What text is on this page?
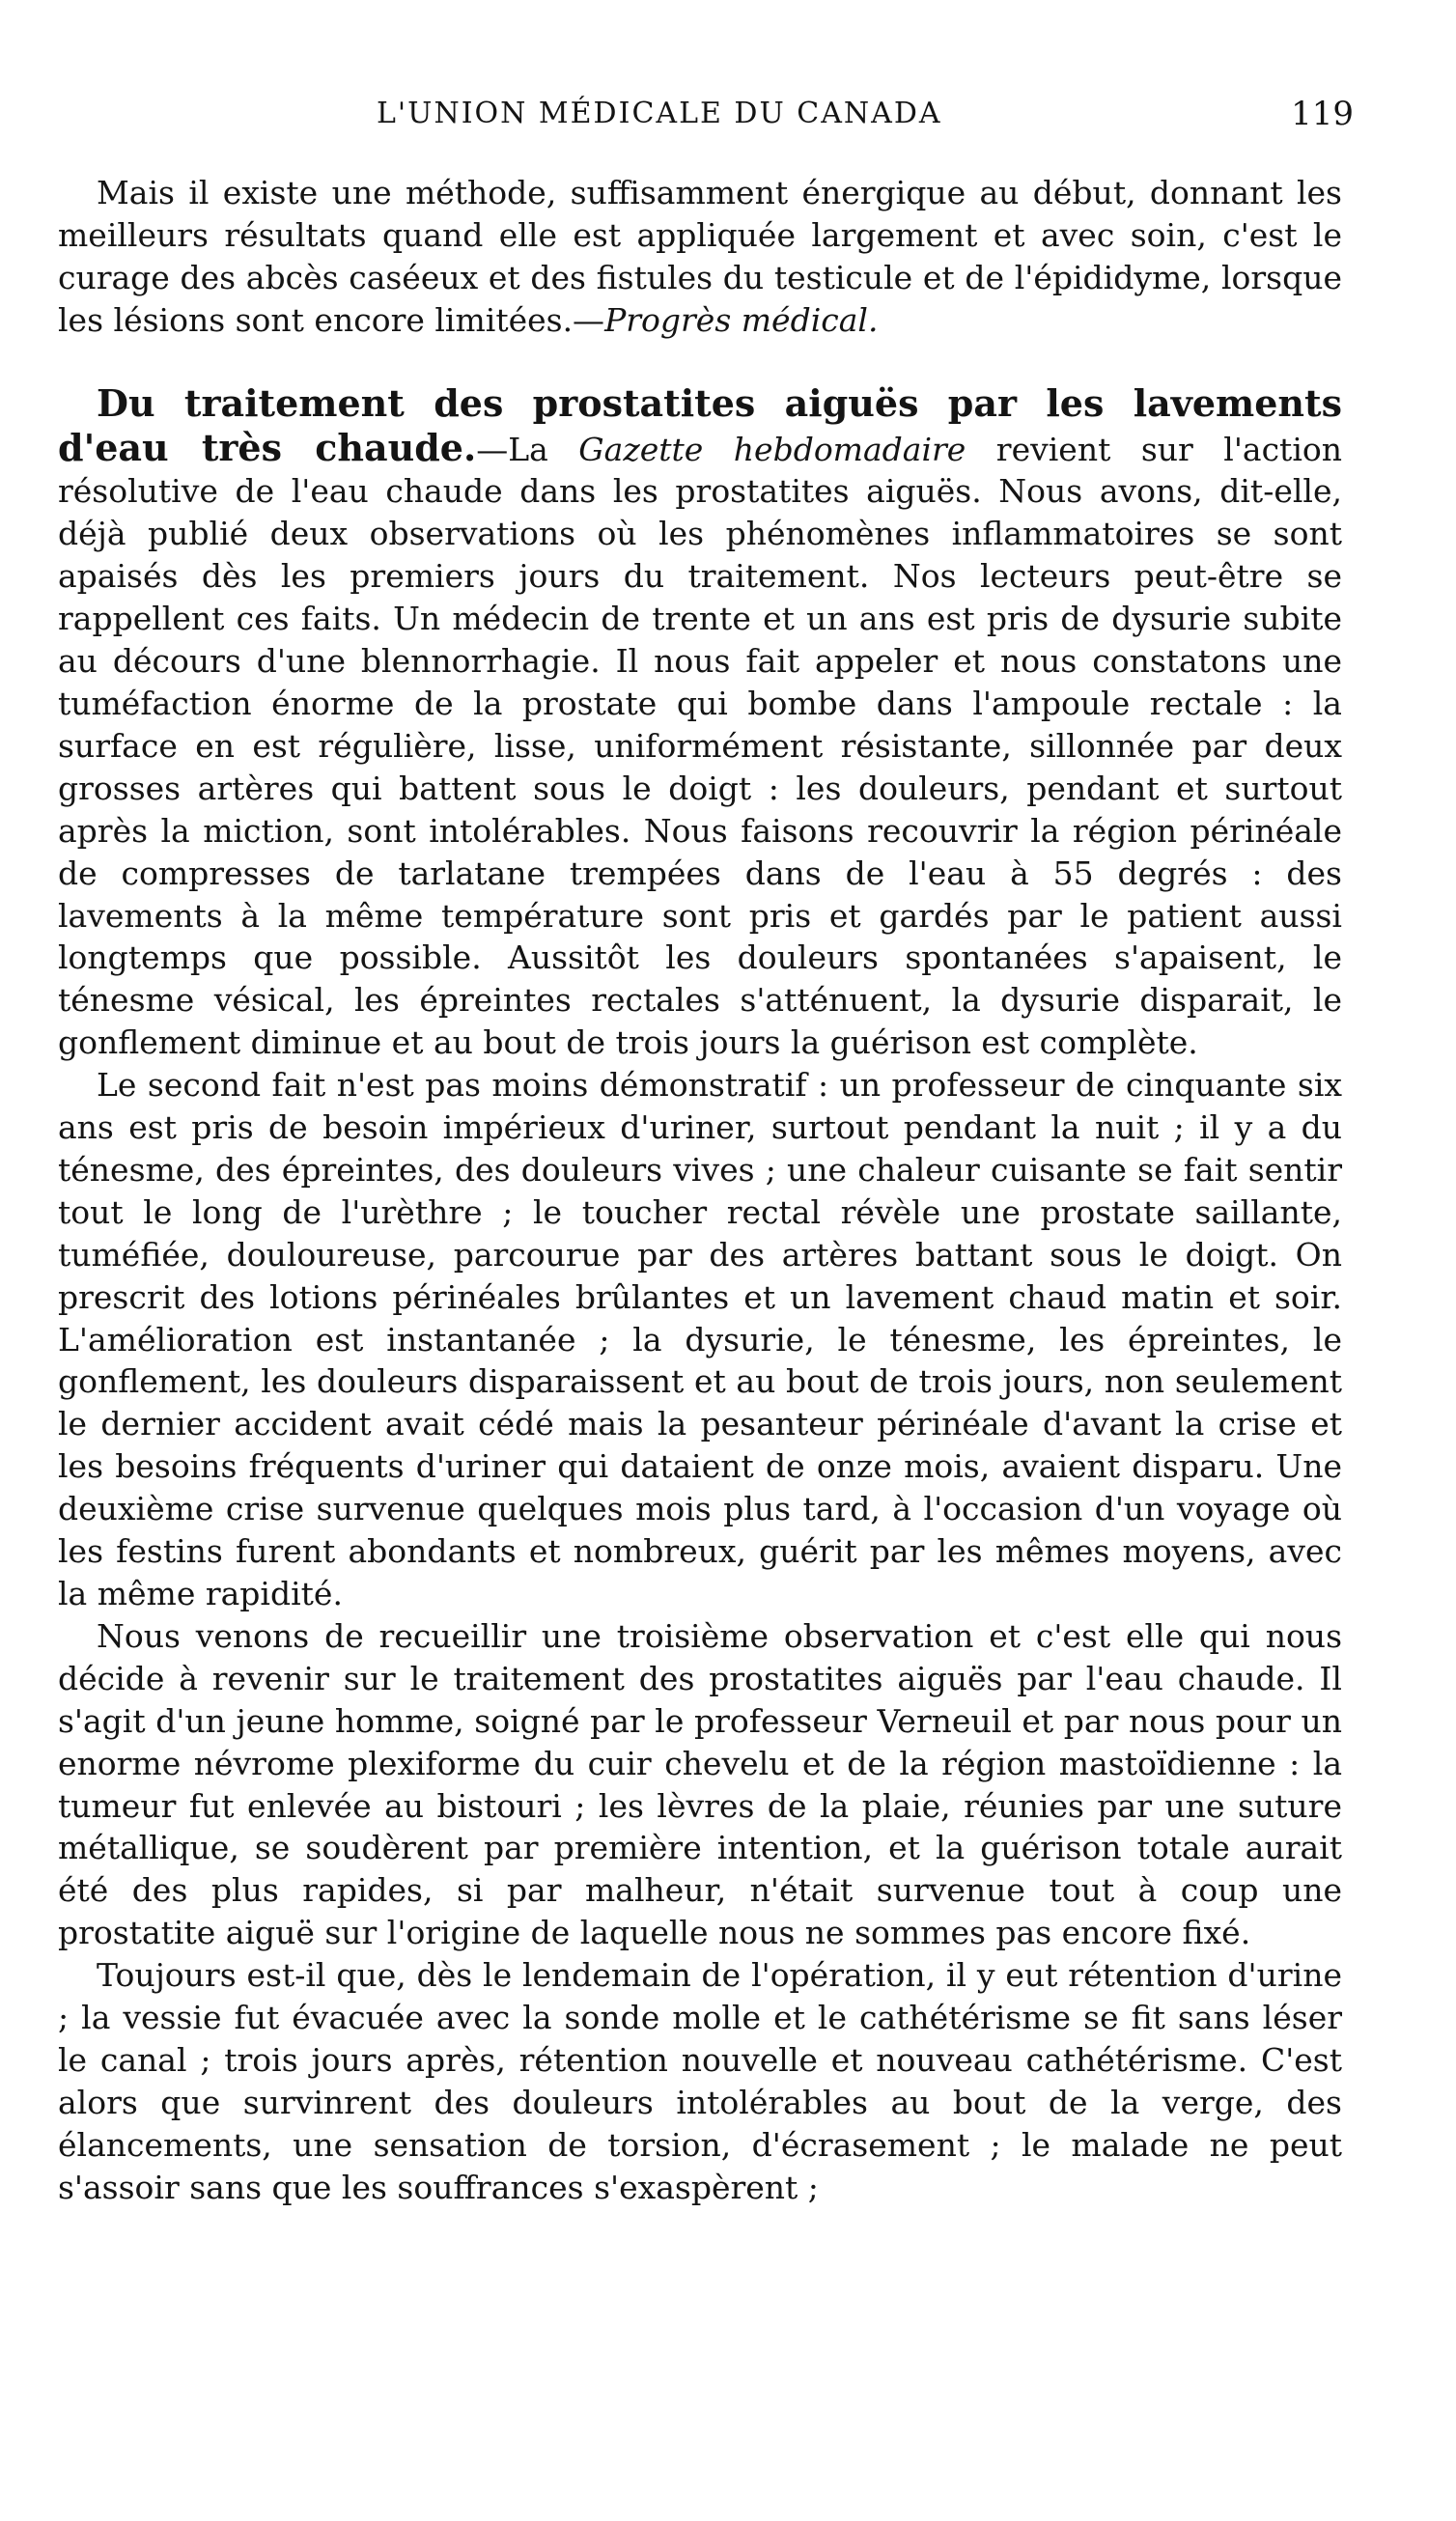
L'UNION MÉDICALE DU CANADA	119

Mais il existe une méthode, suffisamment énergique au début, donnant les meilleurs résultats quand elle est appliquée largement et avec soin, c'est le curage des abcès caséeux et des fistules du testicule et de l'épididyme, lorsque les lésions sont encore limitées.—Progrès médical.

Du traitement des prostatites aiguës par les lavements d'eau très chaude.—La Gazette hebdomadaire revient sur l'action résolutive de l'eau chaude dans les prostatites aiguës. Nous avons, dit-elle, déjà publié deux observations où les phénomènes inflammatoires se sont apaisés dès les premiers jours du traitement. Nos lecteurs peut-être se rappellent ces faits. Un médecin de trente et un ans est pris de dysurie subite au décours d'une blennorrhagie. Il nous fait appeler et nous constatons une tuméfaction énorme de la prostate qui bombe dans l'ampoule rectale : la surface en est régulière, lisse, uniformément résistante, sillonnée par deux grosses artères qui battent sous le doigt : les douleurs, pendant et surtout après la miction, sont intolérables. Nous faisons recouvrir la région périnéale de compresses de tarlatane trempées dans de l'eau à 55 degrés : des lavements à la même température sont pris et gardés par le patient aussi longtemps que possible. Aussitôt les douleurs spontanées s'apaisent, le ténesme vésical, les épreintes rectales s'atténuent, la dysurie disparait, le gonflement diminue et au bout de trois jours la guérison est complète.

Le second fait n'est pas moins démonstratif : un professeur de cinquante six ans est pris de besoin impérieux d'uriner, surtout pendant la nuit ; il y a du ténesme, des épreintes, des douleurs vives ; une chaleur cuisante se fait sentir tout le long de l'urèthre ; le toucher rectal révèle une prostate saillante, tuméfiée, douloureuse, parcourue par des artères battant sous le doigt. On prescrit des lotions périnéales brûlantes et un lavement chaud matin et soir. L'amélioration est instantanée ; la dysurie, le ténesme, les épreintes, le gonflement, les douleurs disparaissent et au bout de trois jours, non seulement le dernier accident avait cédé mais la pesanteur périnéale d'avant la crise et les besoins fréquents d'uriner qui dataient de onze mois, avaient disparu. Une deuxième crise survenue quelques mois plus tard, à l'occasion d'un voyage où les festins furent abondants et nombreux, guérit par les mêmes moyens, avec la même rapidité.

Nous venons de recueillir une troisième observation et c'est elle qui nous décide à revenir sur le traitement des prostatites aiguës par l'eau chaude. Il s'agit d'un jeune homme, soigné par le professeur Verneuil et par nous pour un enorme névrome plexiforme du cuir chevelu et de la région mastoïdienne : la tumeur fut enlevée au bistouri ; les lèvres de la plaie, réunies par une suture métallique, se soudèrent par première intention, et la guérison totale aurait été des plus rapides, si par malheur, n'était survenue tout à coup une prostatite aiguë sur l'origine de laquelle nous ne sommes pas encore fixé.

Toujours est-il que, dès le lendemain de l'opération, il y eut rétention d'urine ; la vessie fut évacuée avec la sonde molle et le cathétérisme se fit sans léser le canal ; trois jours après, rétention nouvelle et nouveau cathétérisme. C'est alors que survinrent des douleurs intolérables au bout de la verge, des élancements, une sensation de torsion, d'écrasement ; le malade ne peut s'assoir sans que les souffrances s'exaspèrent ;
